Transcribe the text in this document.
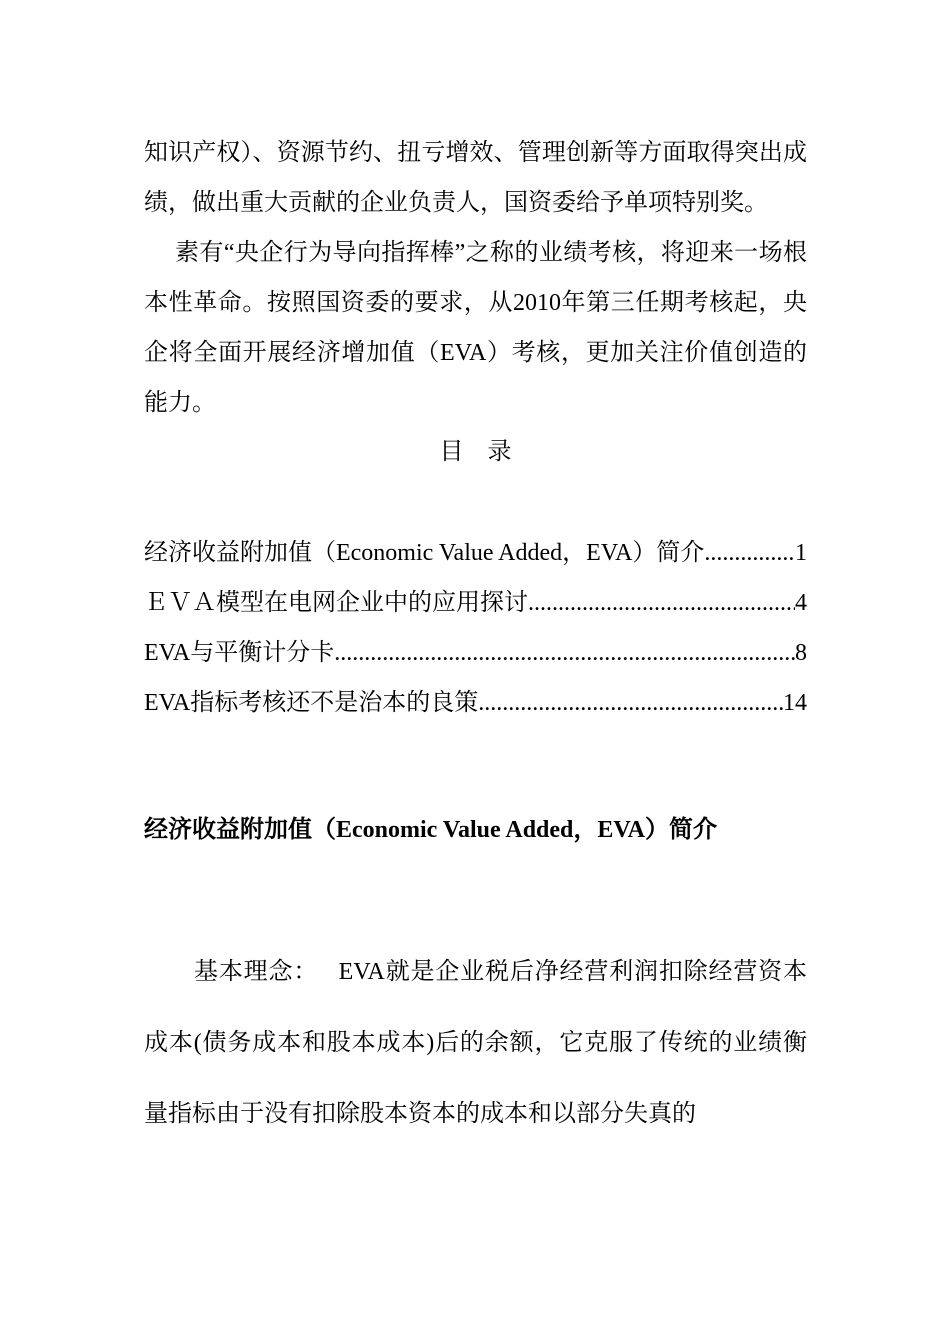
知识产权）、资源节约、扭亏增效、管理创新等方面取得突出成绩，做出重大贡献的企业负责人，国资委给予单项特别奖。

素有“央企行为导向指挥棒”之称的业绩考核，将迎来一场根本性革命。按照国资委的要求，从2010年第三任期考核起，央企将全面开展经济增加值（EVA）考核，更加关注价值创造的能力。

目录

经济收益附加值（Economic Value Added，EVA）简介 .....	1
ＥＶＡ模型在电网企业中的应用探讨 .....	4
EVA与平衡计分卡 .....	8
EVA指标考核还不是治本的良策 .....	14
经济收益附加值（Economic Value Added，EVA）简介

基本理念： EVA就是企业税后净经营利润扣除经营资本成本(债务成本和股本成本)后的余额，它克服了传统的业绩衡量指标由于没有扣除股本资本的成本和以部分失真的
